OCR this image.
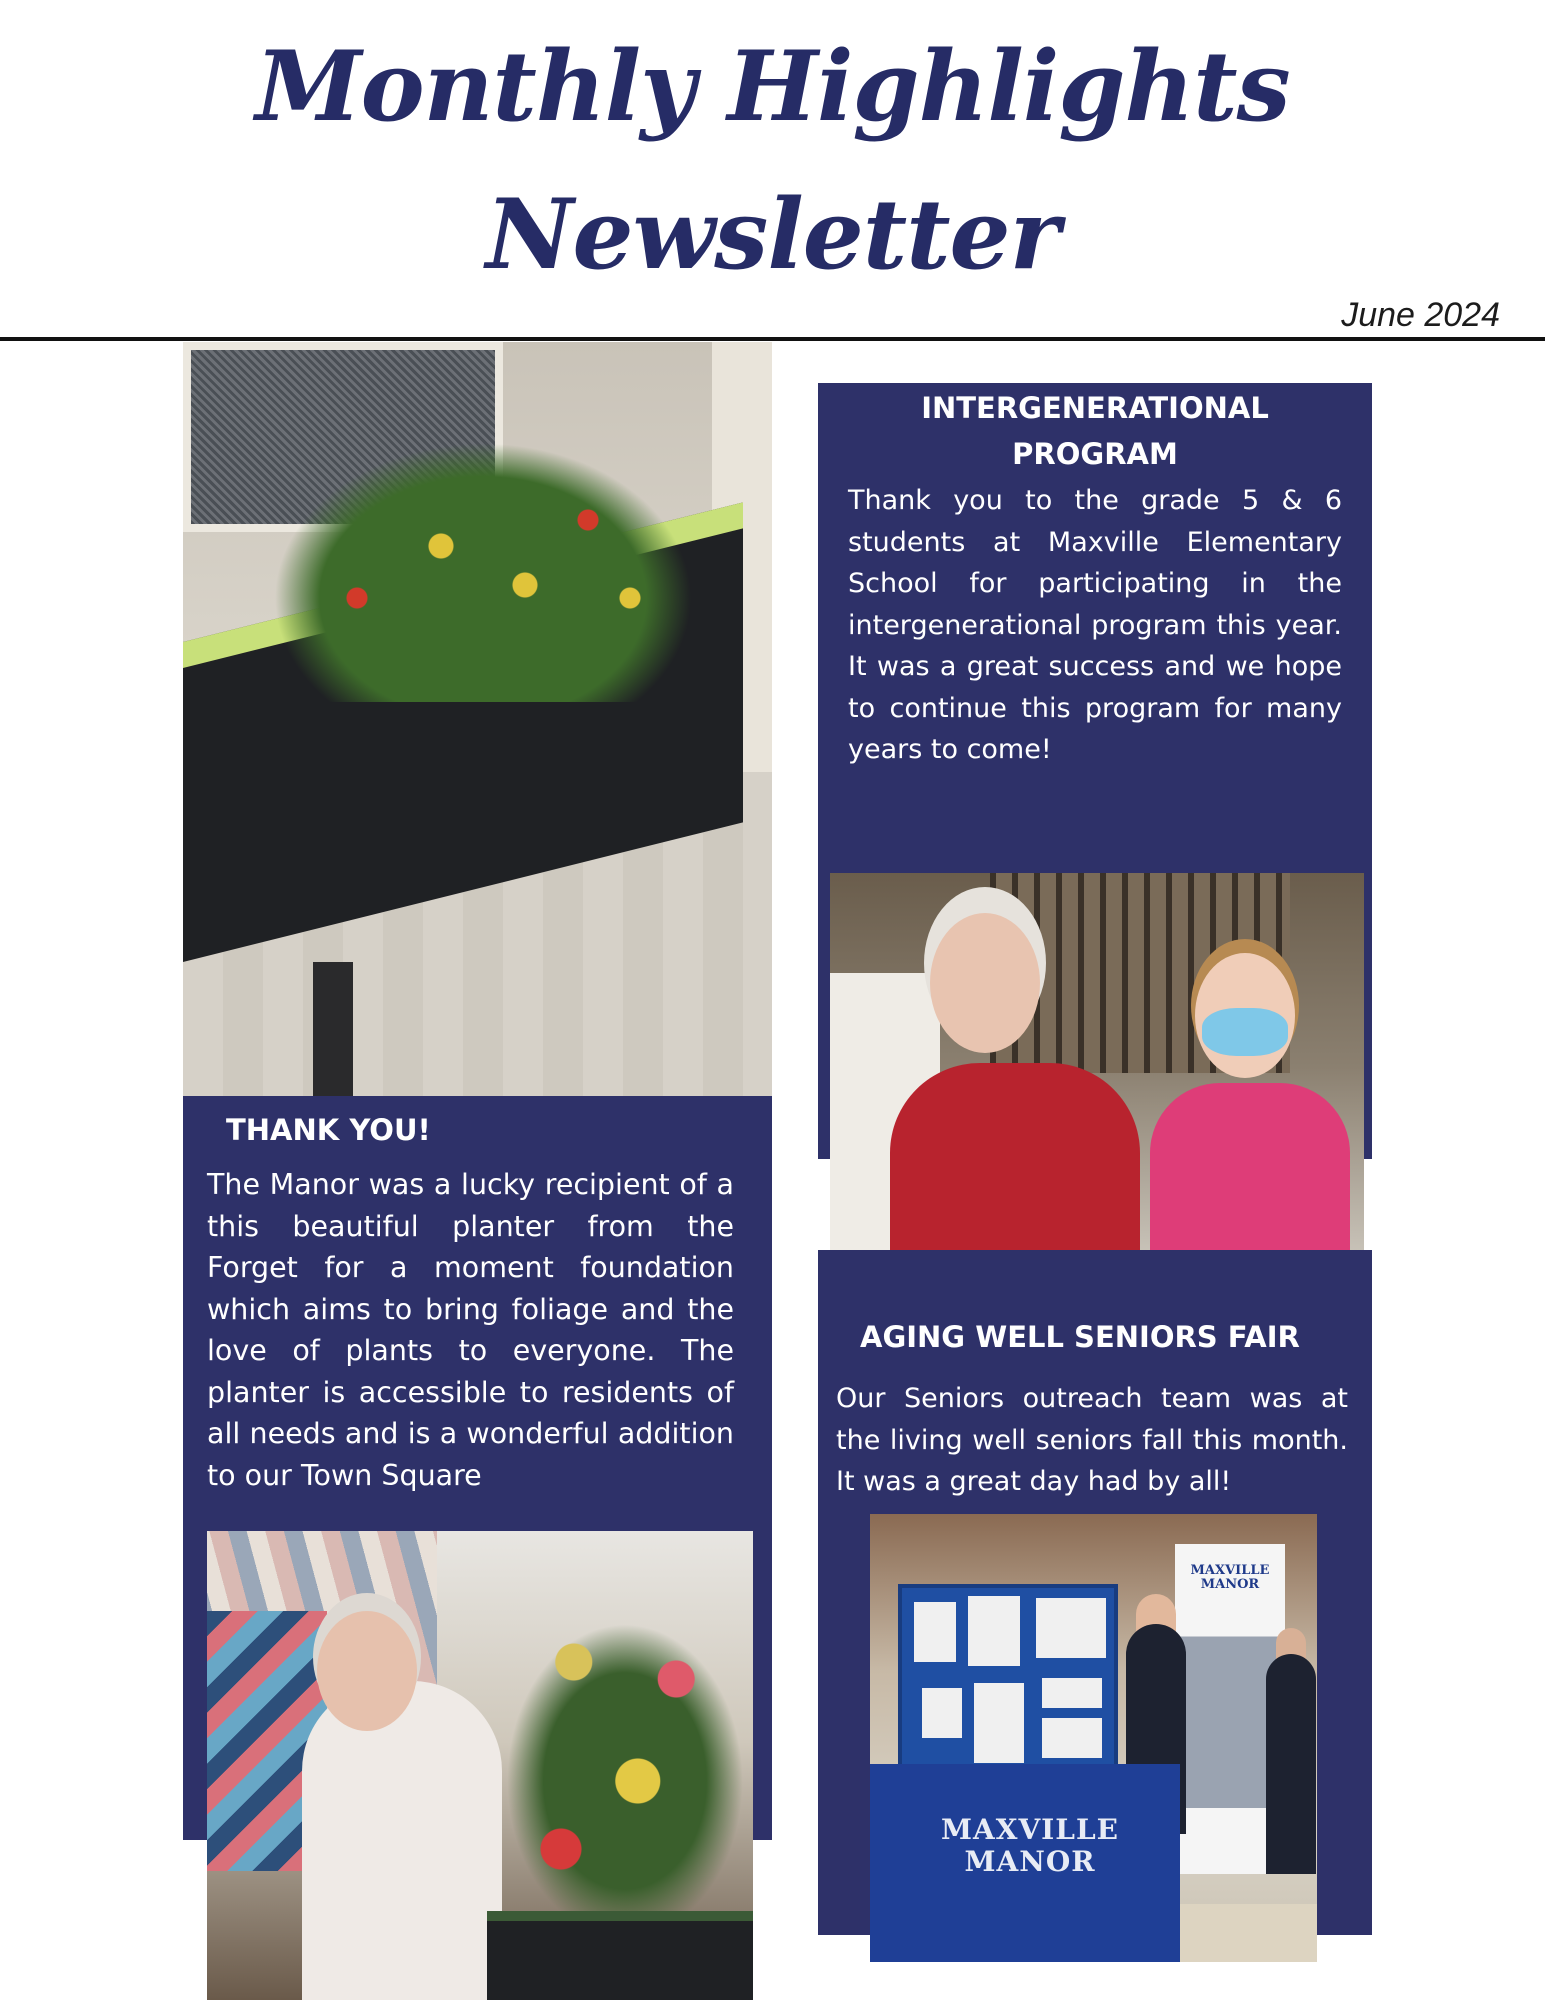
Monthly Highlights
Newsletter
June 2024
THANK YOU!
The Manor was a lucky recipient of a this beautiful planter from the Forget for a moment foundation which aims to bring foliage and the love of plants to everyone. The planter is accessible to residents of all needs and is a wonderful addition to our Town Square
INTERGENERATIONAL
PROGRAM
Thank you to the grade 5 & 6 students at Maxville Elementary School for participating in the intergenerational program this year. It was a great success and we hope to continue this program for many years to come!
AGING WELL SENIORS FAIR
Our Seniors outreach team was at the living well seniors fall this month. It was a great day had by all!
MAXVILLE MANOR
MAXVILLE
MANOR
